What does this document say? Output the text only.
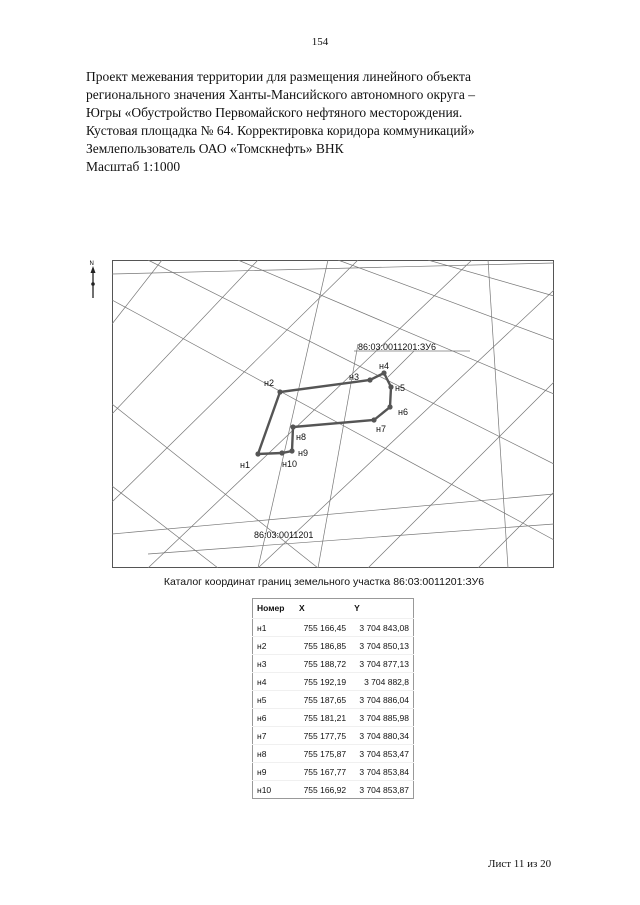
154
Проект межевания территории для размещения линейного объекта
регионального значения Ханты-Мансийского автономного округа –
Югры «Обустройство Первомайского нефтяного месторождения.
Кустовая площадка № 64. Корректировка коридора коммуникаций»
Землепользователь ОАО «Томскнефть» ВНК
Масштаб 1:1000
N
86:03:0011201:ЗУ6
86:03:0011201
н1
н2
н3
н4
н5
н6
н7
н8
н9
н10
Каталог координат границ земельного участка 86:03:0011201:ЗУ6
Номер	X	Y
н1	755 166,45	3 704 843,08
н2	755 186,85	3 704 850,13
н3	755 188,72	3 704 877,13
н4	755 192,19	3 704 882,8
н5	755 187,65	3 704 886,04
н6	755 181,21	3 704 885,98
н7	755 177,75	3 704 880,34
н8	755 175,87	3 704 853,47
н9	755 167,77	3 704 853,84
н10	755 166,92	3 704 853,87
Лист 11 из 20
